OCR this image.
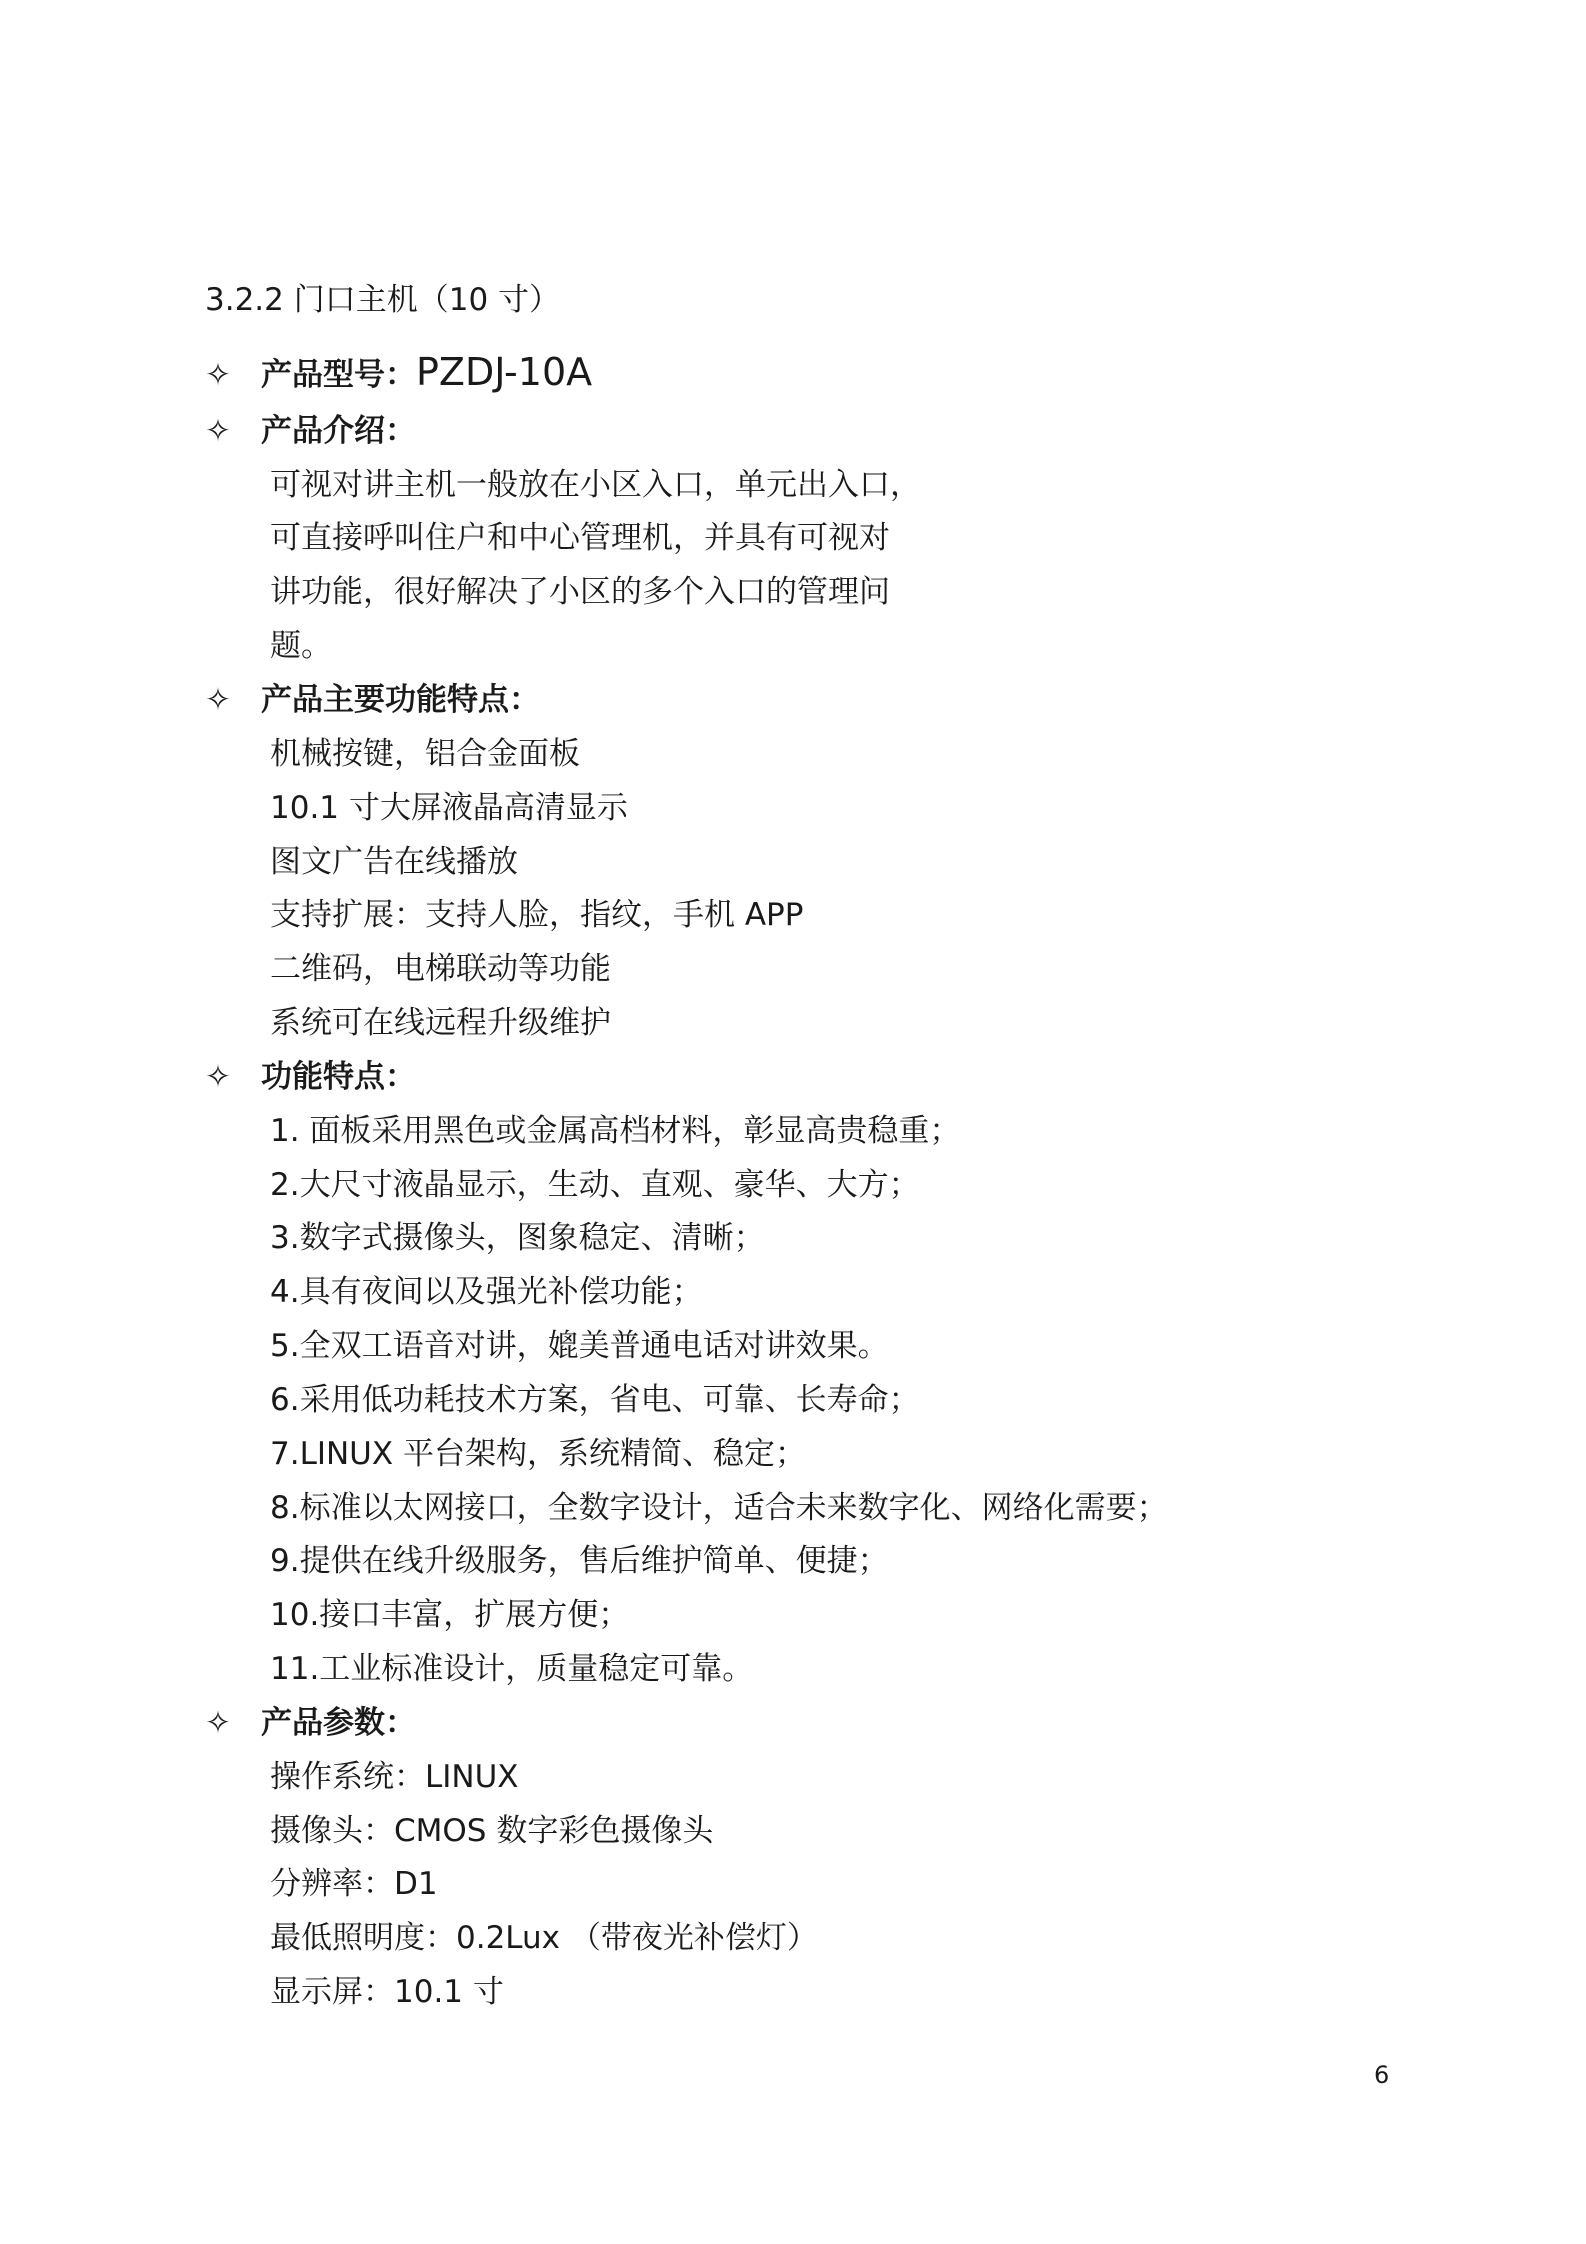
3.2.2 门口主机（10 寸）
✧ 产品型号：PZDJ-10A
✧ 产品介绍：
可视对讲主机一般放在小区入口，单元出入口，
可直接呼叫住户和中心管理机，并具有可视对
讲功能，很好解决了小区的多个入口的管理问
题。
✧ 产品主要功能特点：
机械按键，铝合金面板
10.1 寸大屏液晶高清显示
图文广告在线播放
支持扩展：支持人脸，指纹，手机 APP
二维码，电梯联动等功能
系统可在线远程升级维护
✧ 功能特点：
1. 面板采用黑色或金属高档材料，彰显高贵稳重；
2.大尺寸液晶显示，生动、直观、豪华、大方；
3.数字式摄像头，图象稳定、清晰；
4.具有夜间以及强光补偿功能；
5.全双工语音对讲，媲美普通电话对讲效果。
6.采用低功耗技术方案，省电、可靠、长寿命；
7.LINUX 平台架构，系统精简、稳定；
8.标准以太网接口，全数字设计，适合未来数字化、网络化需要；
9.提供在线升级服务，售后维护简单、便捷；
10.接口丰富，扩展方便；
11.工业标准设计，质量稳定可靠。
✧ 产品参数：
操作系统：LINUX
摄像头：CMOS 数字彩色摄像头
分辨率：D1
最低照明度：0.2Lux （带夜光补偿灯）
显示屏：10.1 寸
6
